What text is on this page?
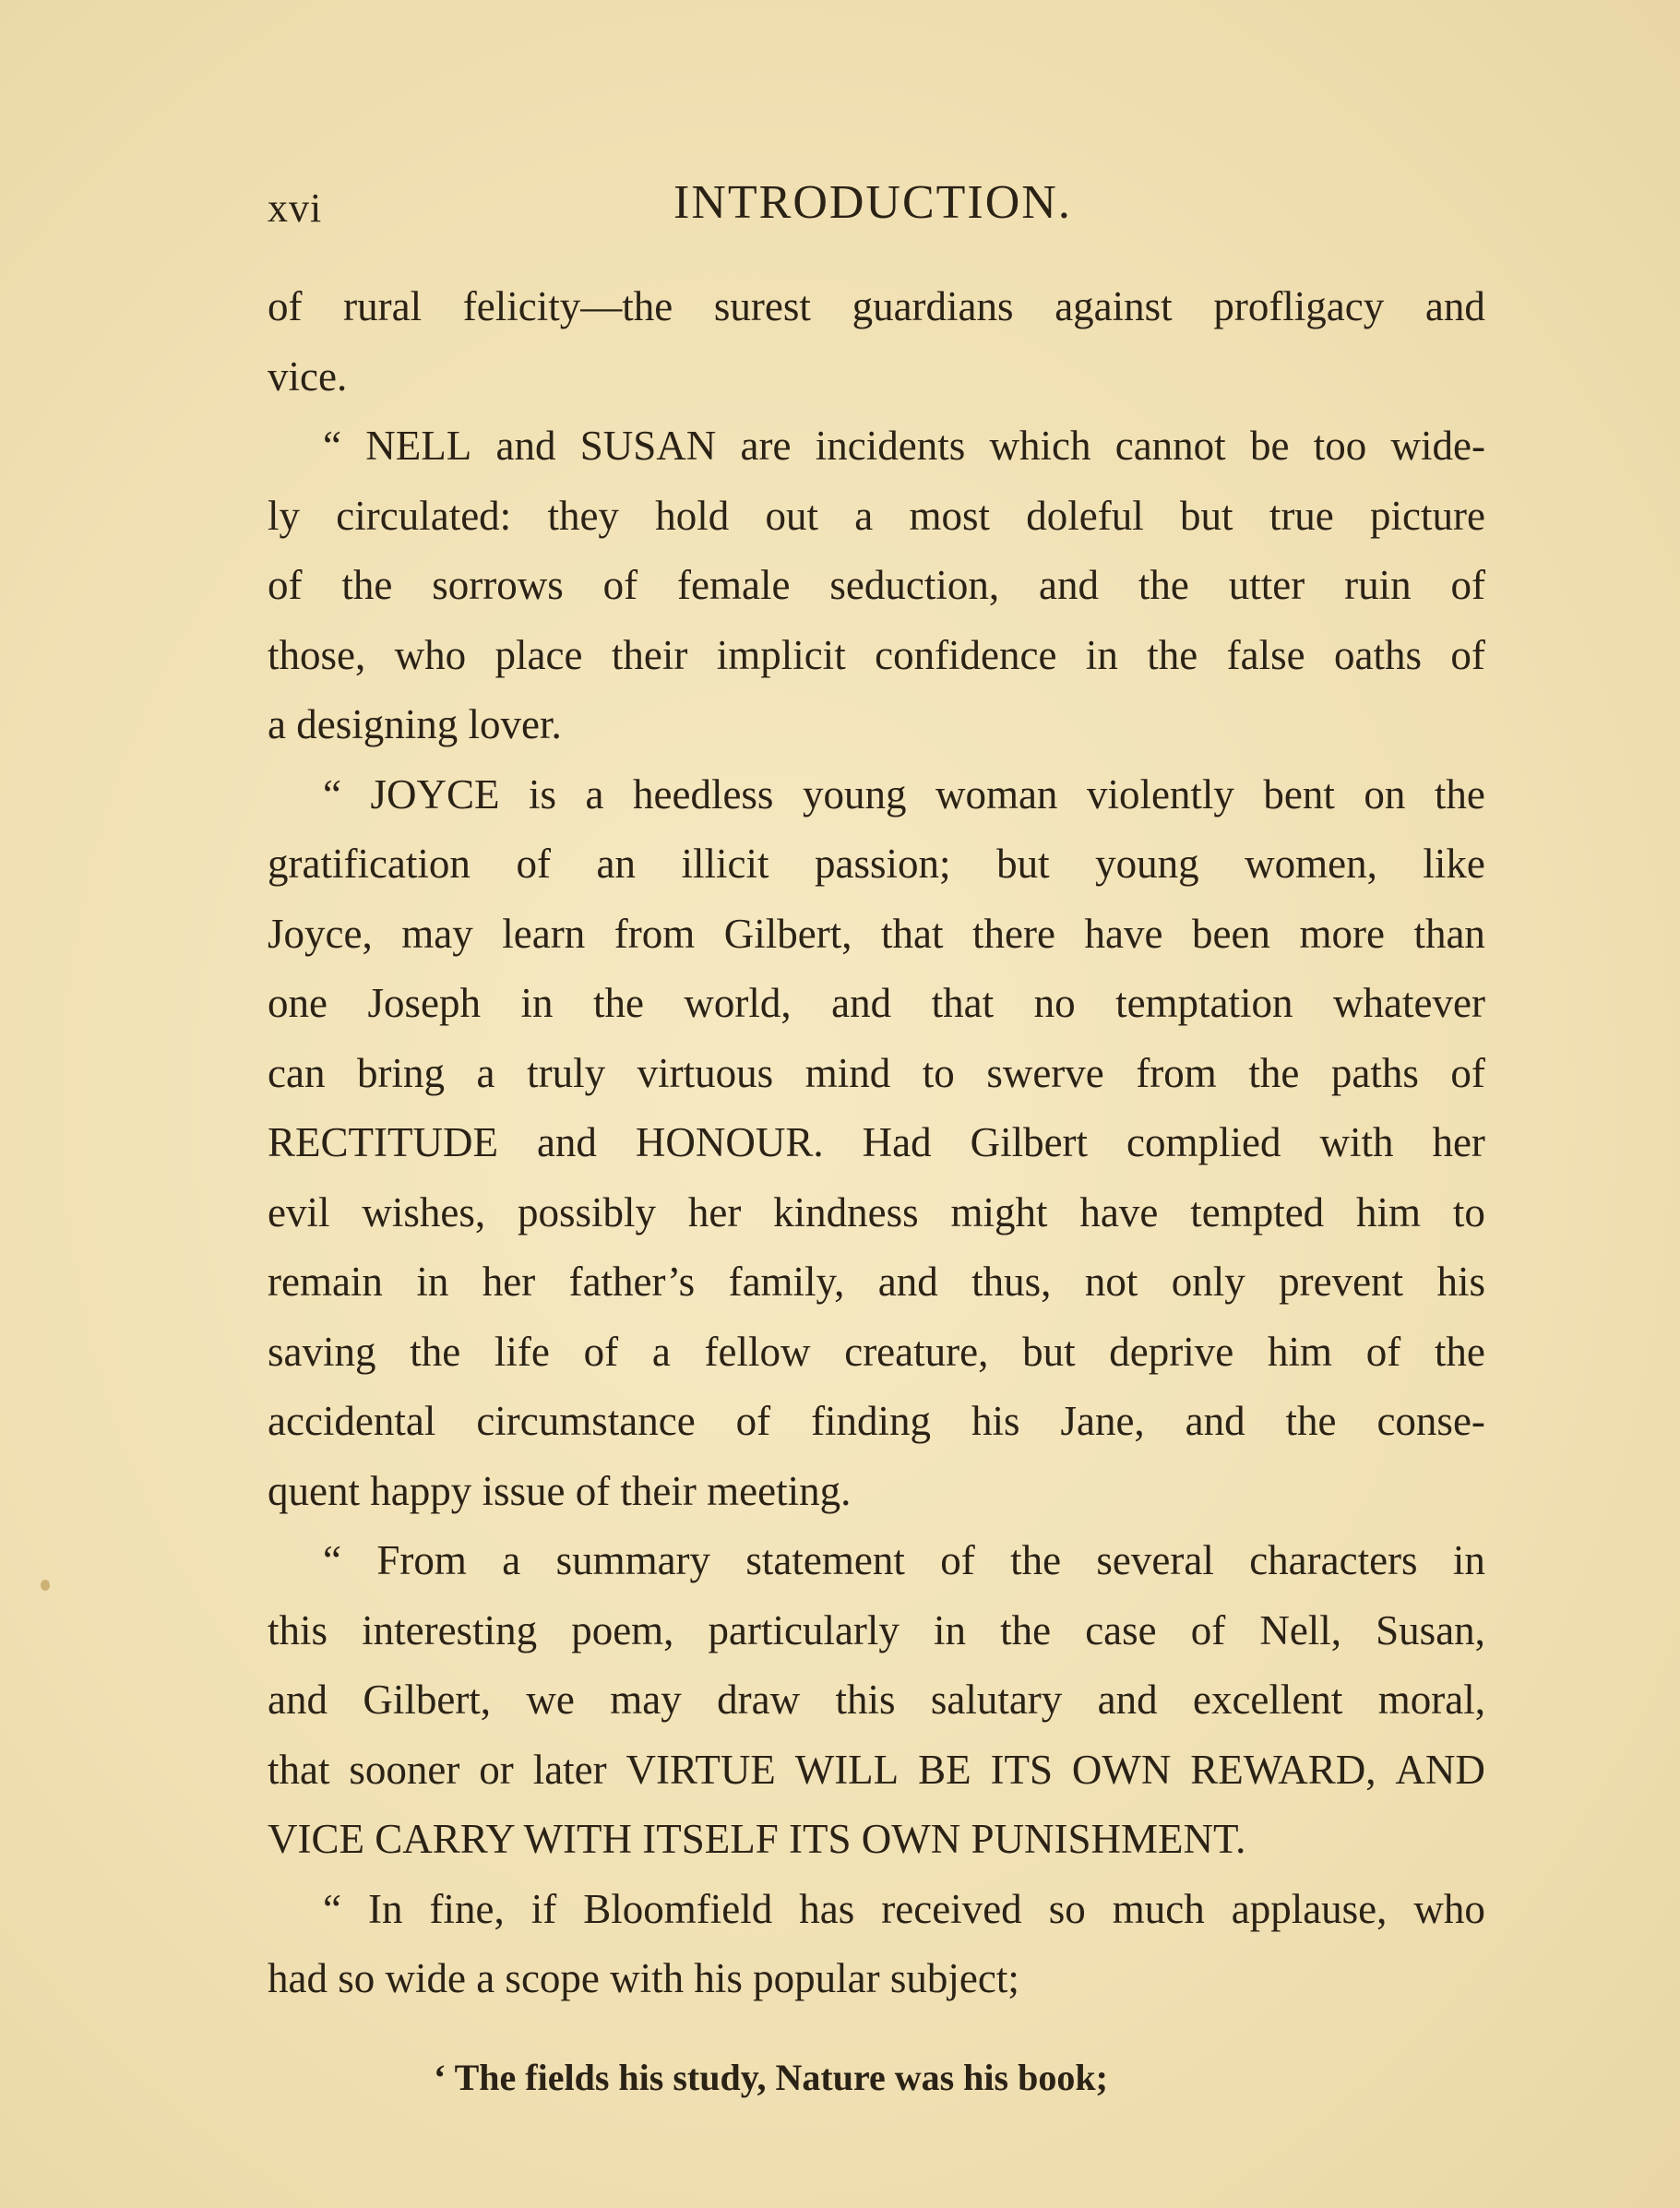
xvi	INTRODUCTION.
of rural felicity—the surest guardians against profligacy and
vice.
“ NELL and SUSAN are incidents which cannot be too wide-
ly circulated: they hold out a most doleful but true picture
of the sorrows of female seduction, and the utter ruin of
those, who place their implicit confidence in the false oaths of
a designing lover.
“ JOYCE is a heedless young woman violently bent on the
gratification of an illicit passion; but young women, like
Joyce, may learn from Gilbert, that there have been more than
one Joseph in the world, and that no temptation whatever
can bring a truly virtuous mind to swerve from the paths of
RECTITUDE and HONOUR. Had Gilbert complied with her
evil wishes, possibly her kindness might have tempted him to
remain in her father’s family, and thus, not only prevent his
saving the life of a fellow creature, but deprive him of the
accidental circumstance of finding his Jane, and the conse-
quent happy issue of their meeting.
“ From a summary statement of the several characters in
this interesting poem, particularly in the case of Nell, Susan,
and Gilbert, we may draw this salutary and excellent moral,
that sooner or later VIRTUE WILL BE ITS OWN REWARD, AND
VICE CARRY WITH ITSELF ITS OWN PUNISHMENT.
“ In fine, if Bloomfield has received so much applause, who
had so wide a scope with his popular subject;
‘ The fields his study, Nature was his book;
